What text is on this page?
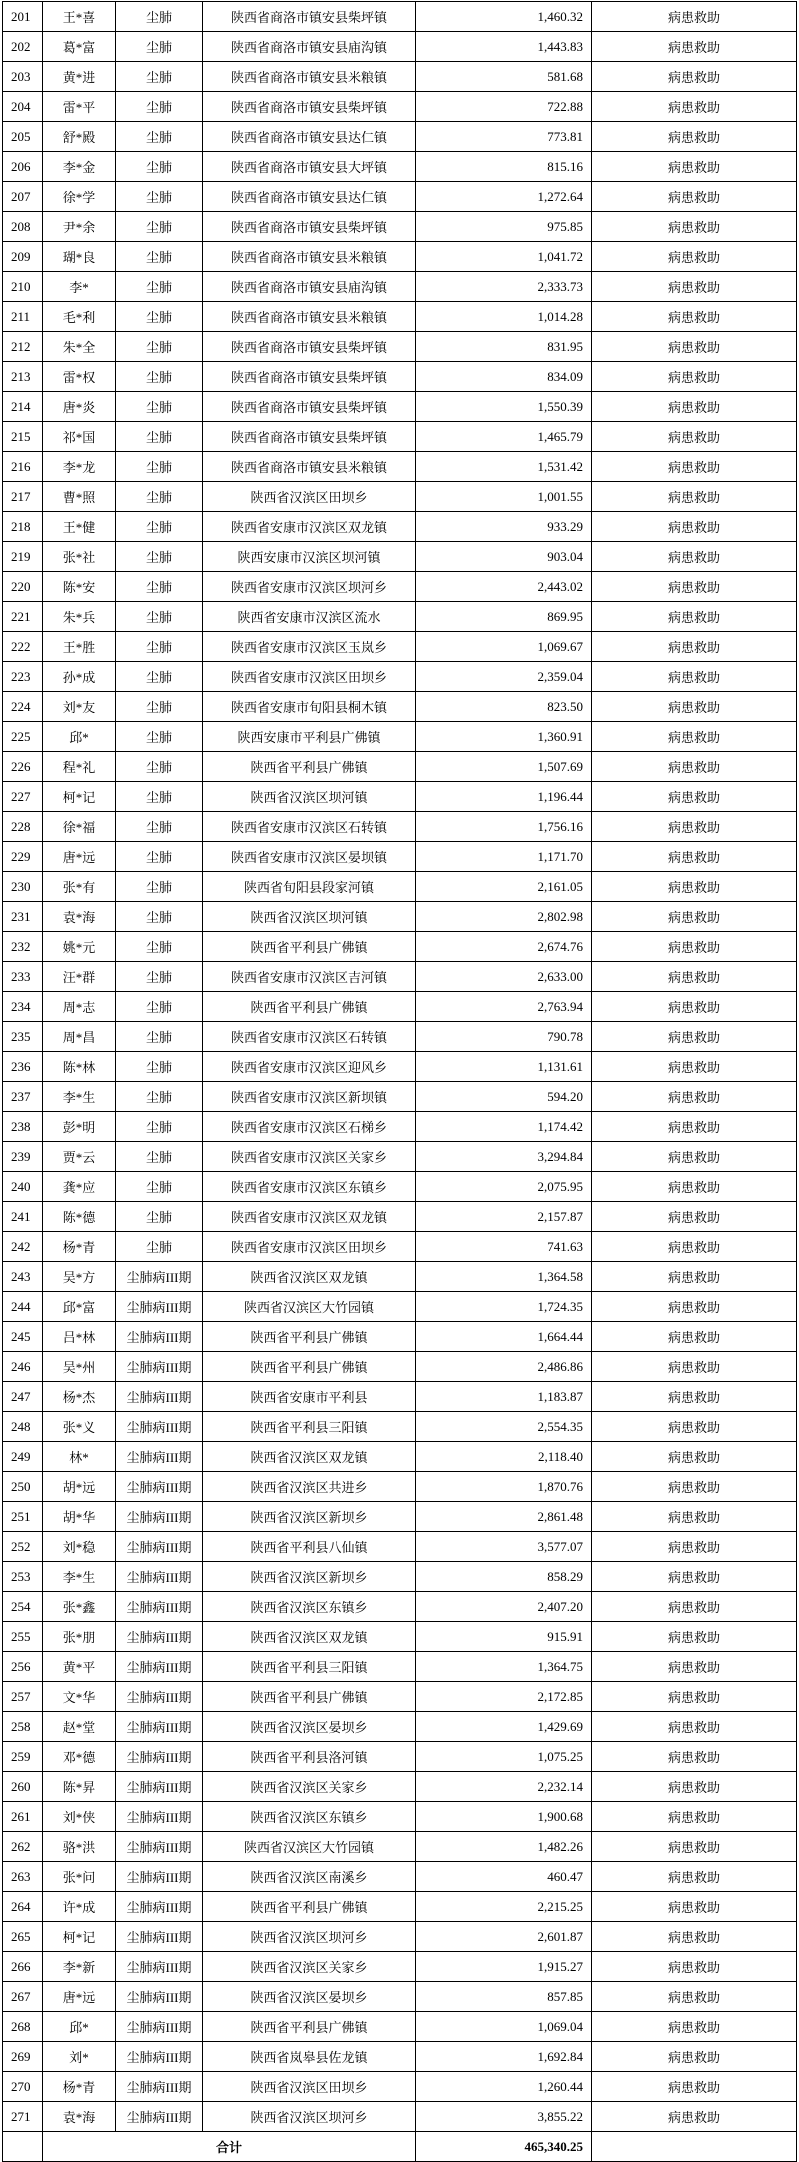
201	王*喜	尘肺	陕西省商洛市镇安县柴坪镇	1,460.32	病患救助
202	葛*富	尘肺	陕西省商洛市镇安县庙沟镇	1,443.83	病患救助
203	黄*进	尘肺	陕西省商洛市镇安县米粮镇	581.68	病患救助
204	雷*平	尘肺	陕西省商洛市镇安县柴坪镇	722.88	病患救助
205	舒*殿	尘肺	陕西省商洛市镇安县达仁镇	773.81	病患救助
206	李*金	尘肺	陕西省商洛市镇安县大坪镇	815.16	病患救助
207	徐*学	尘肺	陕西省商洛市镇安县达仁镇	1,272.64	病患救助
208	尹*余	尘肺	陕西省商洛市镇安县柴坪镇	975.85	病患救助
209	瑚*良	尘肺	陕西省商洛市镇安县米粮镇	1,041.72	病患救助
210	李*	尘肺	陕西省商洛市镇安县庙沟镇	2,333.73	病患救助
211	毛*利	尘肺	陕西省商洛市镇安县米粮镇	1,014.28	病患救助
212	朱*全	尘肺	陕西省商洛市镇安县柴坪镇	831.95	病患救助
213	雷*权	尘肺	陕西省商洛市镇安县柴坪镇	834.09	病患救助
214	唐*炎	尘肺	陕西省商洛市镇安县柴坪镇	1,550.39	病患救助
215	祁*国	尘肺	陕西省商洛市镇安县柴坪镇	1,465.79	病患救助
216	李*龙	尘肺	陕西省商洛市镇安县米粮镇	1,531.42	病患救助
217	曹*照	尘肺	陕西省汉滨区田坝乡	1,001.55	病患救助
218	王*健	尘肺	陕西省安康市汉滨区双龙镇	933.29	病患救助
219	张*社	尘肺	陕西安康市汉滨区坝河镇	903.04	病患救助
220	陈*安	尘肺	陕西省安康市汉滨区坝河乡	2,443.02	病患救助
221	朱*兵	尘肺	陕西省安康市汉滨区流水	869.95	病患救助
222	王*胜	尘肺	陕西省安康市汉滨区玉岚乡	1,069.67	病患救助
223	孙*成	尘肺	陕西省安康市汉滨区田坝乡	2,359.04	病患救助
224	刘*友	尘肺	陕西省安康市旬阳县桐木镇	823.50	病患救助
225	邱*	尘肺	陕西安康市平利县广佛镇	1,360.91	病患救助
226	程*礼	尘肺	陕西省平利县广佛镇	1,507.69	病患救助
227	柯*记	尘肺	陕西省汉滨区坝河镇	1,196.44	病患救助
228	徐*福	尘肺	陕西省安康市汉滨区石转镇	1,756.16	病患救助
229	唐*远	尘肺	陕西省安康市汉滨区晏坝镇	1,171.70	病患救助
230	张*有	尘肺	陕西省旬阳县段家河镇	2,161.05	病患救助
231	袁*海	尘肺	陕西省汉滨区坝河镇	2,802.98	病患救助
232	姚*元	尘肺	陕西省平利县广佛镇	2,674.76	病患救助
233	汪*群	尘肺	陕西省安康市汉滨区吉河镇	2,633.00	病患救助
234	周*志	尘肺	陕西省平利县广佛镇	2,763.94	病患救助
235	周*昌	尘肺	陕西省安康市汉滨区石转镇	790.78	病患救助
236	陈*林	尘肺	陕西省安康市汉滨区迎风乡	1,131.61	病患救助
237	李*生	尘肺	陕西省安康市汉滨区新坝镇	594.20	病患救助
238	彭*明	尘肺	陕西省安康市汉滨区石梯乡	1,174.42	病患救助
239	贾*云	尘肺	陕西省安康市汉滨区关家乡	3,294.84	病患救助
240	龚*应	尘肺	陕西省安康市汉滨区东镇乡	2,075.95	病患救助
241	陈*德	尘肺	陕西省安康市汉滨区双龙镇	2,157.87	病患救助
242	杨*青	尘肺	陕西省安康市汉滨区田坝乡	741.63	病患救助
243	吴*方	尘肺病III期	陕西省汉滨区双龙镇	1,364.58	病患救助
244	邱*富	尘肺病III期	陕西省汉滨区大竹园镇	1,724.35	病患救助
245	吕*林	尘肺病III期	陕西省平利县广佛镇	1,664.44	病患救助
246	吴*州	尘肺病III期	陕西省平利县广佛镇	2,486.86	病患救助
247	杨*杰	尘肺病III期	陕西省安康市平利县	1,183.87	病患救助
248	张*义	尘肺病III期	陕西省平利县三阳镇	2,554.35	病患救助
249	林*	尘肺病III期	陕西省汉滨区双龙镇	2,118.40	病患救助
250	胡*远	尘肺病III期	陕西省汉滨区共进乡	1,870.76	病患救助
251	胡*华	尘肺病III期	陕西省汉滨区新坝乡	2,861.48	病患救助
252	刘*稳	尘肺病III期	陕西省平利县八仙镇	3,577.07	病患救助
253	李*生	尘肺病III期	陕西省汉滨区新坝乡	858.29	病患救助
254	张*鑫	尘肺病III期	陕西省汉滨区东镇乡	2,407.20	病患救助
255	张*朋	尘肺病III期	陕西省汉滨区双龙镇	915.91	病患救助
256	黄*平	尘肺病III期	陕西省平利县三阳镇	1,364.75	病患救助
257	文*华	尘肺病III期	陕西省平利县广佛镇	2,172.85	病患救助
258	赵*堂	尘肺病III期	陕西省汉滨区晏坝乡	1,429.69	病患救助
259	邓*德	尘肺病III期	陕西省平利县洛河镇	1,075.25	病患救助
260	陈*昇	尘肺病III期	陕西省汉滨区关家乡	2,232.14	病患救助
261	刘*侠	尘肺病III期	陕西省汉滨区东镇乡	1,900.68	病患救助
262	骆*洪	尘肺病III期	陕西省汉滨区大竹园镇	1,482.26	病患救助
263	张*问	尘肺病III期	陕西省汉滨区南溪乡	460.47	病患救助
264	许*成	尘肺病III期	陕西省平利县广佛镇	2,215.25	病患救助
265	柯*记	尘肺病III期	陕西省汉滨区坝河乡	2,601.87	病患救助
266	李*新	尘肺病III期	陕西省汉滨区关家乡	1,915.27	病患救助
267	唐*远	尘肺病III期	陕西省汉滨区晏坝乡	857.85	病患救助
268	邱*	尘肺病III期	陕西省平利县广佛镇	1,069.04	病患救助
269	刘*	尘肺病III期	陕西省岚皋县佐龙镇	1,692.84	病患救助
270	杨*青	尘肺病III期	陕西省汉滨区田坝乡	1,260.44	病患救助
271	袁*海	尘肺病III期	陕西省汉滨区坝河乡	3,855.22	病患救助
	合计			465,340.25	
